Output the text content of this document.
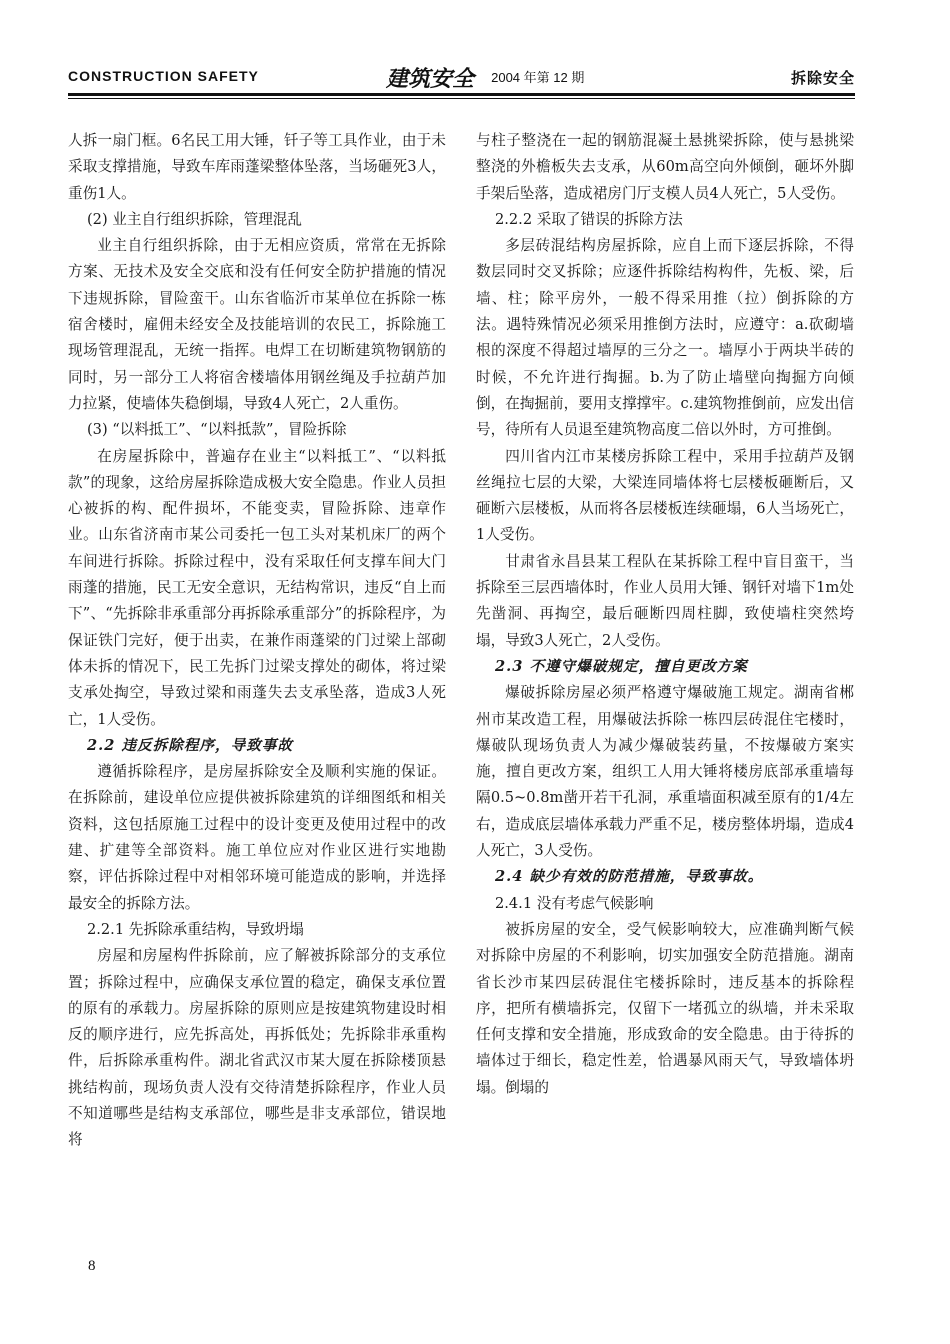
CONSTRUCTION SAFETY	建筑安全 $^{2004 年第 12 期}$	拆除安全

人拆一扇门框。6名民工用大锤，钎子等工具作业，由于未采取支撑措施，导致车库雨蓬梁整体坠落，当场砸死3人，重伤1人。

(2) 业主自行组织拆除，管理混乱

业主自行组织拆除，由于无相应资质，常常在无拆除方案、无技术及安全交底和没有任何安全防护措施的情况下违规拆除，冒险蛮干。山东省临沂市某单位在拆除一栋宿舍楼时，雇佣未经安全及技能培训的农民工，拆除施工现场管理混乱，无统一指挥。电焊工在切断建筑物钢筋的同时，另一部分工人将宿舍楼墙体用钢丝绳及手拉葫芦加力拉紧，使墙体失稳倒塌，导致4人死亡，2人重伤。

(3) “以料抵工”、“以料抵款”，冒险拆除

在房屋拆除中，普遍存在业主“以料抵工”、“以料抵款”的现象，这给房屋拆除造成极大安全隐患。作业人员担心被拆的构、配件损坏，不能变卖，冒险拆除、违章作业。山东省济南市某公司委托一包工头对某机床厂的两个车间进行拆除。拆除过程中，没有采取任何支撑车间大门雨蓬的措施，民工无安全意识，无结构常识，违反“自上而下”、“先拆除非承重部分再拆除承重部分”的拆除程序，为保证铁门完好，便于出卖，在兼作雨蓬梁的门过梁上部砌体未拆的情况下，民工先拆门过梁支撑处的砌体，将过梁支承处掏空，导致过梁和雨蓬失去支承坠落，造成3人死亡，1人受伤。

2.2 违反拆除程序，导致事故

遵循拆除程序，是房屋拆除安全及顺利实施的保证。在拆除前，建设单位应提供被拆除建筑的详细图纸和相关资料，这包括原施工过程中的设计变更及使用过程中的改建、扩建等全部资料。施工单位应对作业区进行实地勘察，评估拆除过程中对相邻环境可能造成的影响，并选择最安全的拆除方法。

2.2.1 先拆除承重结构，导致坍塌

房屋和房屋构件拆除前，应了解被拆除部分的支承位置；拆除过程中，应确保支承位置的稳定，确保支承位置的原有的承载力。房屋拆除的原则应是按建筑物建设时相反的顺序进行，应先拆高处，再拆低处；先拆除非承重构件，后拆除承重构件。湖北省武汉市某大厦在拆除楼顶悬挑结构前，现场负责人没有交待清楚拆除程序，作业人员不知道哪些是结构支承部位，哪些是非支承部位，错误地将

与柱子整浇在一起的钢筋混凝土悬挑梁拆除，使与悬挑梁整浇的外檐板失去支承，从60m高空向外倾倒，砸坏外脚手架后坠落，造成裙房门厅支模人员4人死亡，5人受伤。

2.2.2 采取了错误的拆除方法

多层砖混结构房屋拆除，应自上而下逐层拆除，不得数层同时交叉拆除；应逐件拆除结构构件，先板、梁，后墙、柱；除平房外，一般不得采用推（拉）倒拆除的方法。遇特殊情况必须采用推倒方法时，应遵守：a.砍砌墙根的深度不得超过墙厚的三分之一。墙厚小于两块半砖的时候，不允许进行掏掘。b.为了防止墙壁向掏掘方向倾倒，在掏掘前，要用支撑撑牢。c.建筑物推倒前，应发出信号，待所有人员退至建筑物高度二倍以外时，方可推倒。

四川省内江市某楼房拆除工程中，采用手拉葫芦及钢丝绳拉七层的大梁，大梁连同墙体将七层楼板砸断后，又砸断六层楼板，从而将各层楼板连续砸塌，6人当场死亡，1人受伤。

甘肃省永昌县某工程队在某拆除工程中盲目蛮干，当拆除至三层西墙体时，作业人员用大锤、钢钎对墙下1m处先凿洞、再掏空，最后砸断四周柱脚，致使墙柱突然垮塌，导致3人死亡，2人受伤。

2.3 不遵守爆破规定，擅自更改方案

爆破拆除房屋必须严格遵守爆破施工规定。湖南省郴州市某改造工程，用爆破法拆除一栋四层砖混住宅楼时，爆破队现场负责人为减少爆破装药量，不按爆破方案实施，擅自更改方案，组织工人用大锤将楼房底部承重墙每隔0.5~0.8m凿开若干孔洞，承重墙面积减至原有的1/4左右，造成底层墙体承载力严重不足，楼房整体坍塌，造成4人死亡，3人受伤。

2.4 缺少有效的防范措施，导致事故。

2.4.1 没有考虑气候影响

被拆房屋的安全，受气候影响较大，应准确判断气候对拆除中房屋的不利影响，切实加强安全防范措施。湖南省长沙市某四层砖混住宅楼拆除时，违反基本的拆除程序，把所有横墙拆完，仅留下一堵孤立的纵墙，并未采取任何支撑和安全措施，形成致命的安全隐患。由于待拆的墙体过于细长，稳定性差，恰遇暴风雨天气，导致墙体坍塌。倒塌的

8
